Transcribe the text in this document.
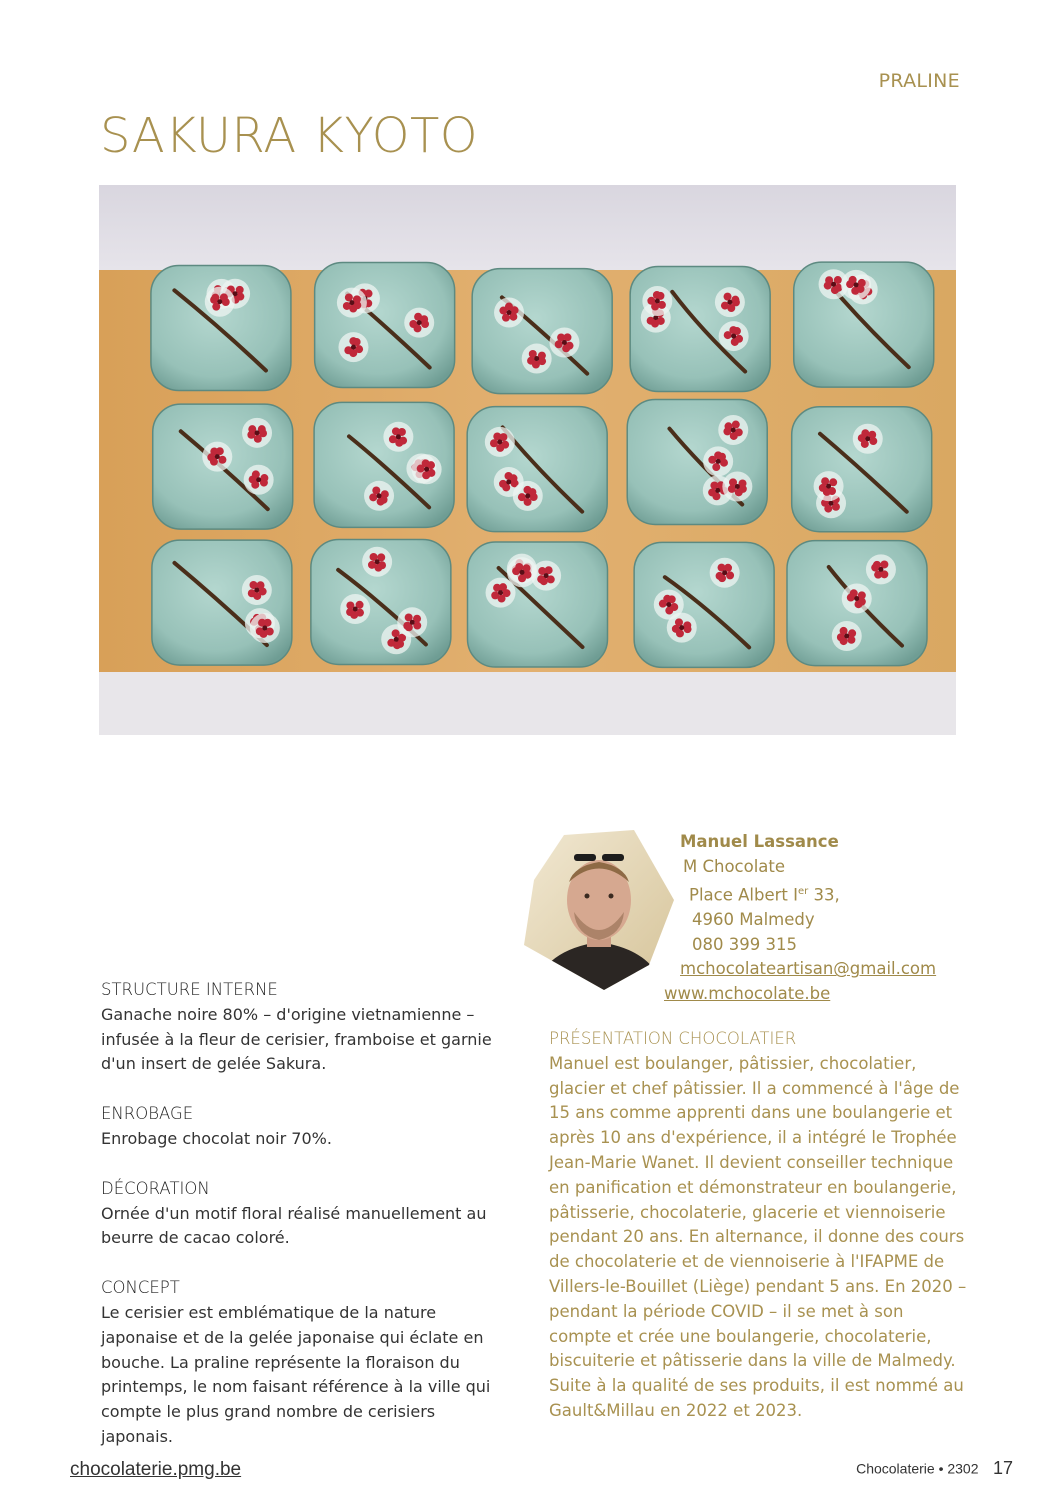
PRALINE
SAKURA KYOTO
STRUCTURE INTERNE

Ganache noire 80% – d'origine vietnamienne – infusée à la fleur de cerisier, framboise et garnie d'un insert de gelée Sakura.

ENROBAGE

Enrobage chocolat noir 70%.

DÉCORATION

Ornée d'un motif floral réalisé manuellement au beurre de cacao coloré.

CONCEPT

Le cerisier est emblématique de la nature japonaise et de la gelée japonaise qui éclate en bouche. La praline représente la floraison du printemps, le nom faisant référence à la ville qui compte le plus grand nombre de cerisiers japonais.

Manuel Lassance
M Chocolate
Place Albert Ier 33,
4960 Malmedy
080 399 315
mchocolateartisan@gmail.com
www.mchocolate.be
PRÉSENTATION CHOCOLATIER

Manuel est boulanger, pâtissier, chocolatier, glacier et chef pâtissier. Il a commencé à l'âge de 15 ans comme apprenti dans une boulangerie et après 10 ans d'expérience, il a intégré le Trophée Jean-Marie Wanet. Il devient conseiller technique en panification et démonstrateur en boulangerie, pâtisserie, chocolaterie, glacerie et viennoiserie pendant 20 ans. En alternance, il donne des cours de chocolaterie et de viennoiserie à l'IFAPME de Villers-le-Bouillet (Liège) pendant 5 ans. En 2020 – pendant la période COVID – il se met à son compte et crée une boulangerie, chocolaterie, biscuiterie et pâtisserie dans la ville de Malmedy. Suite à la qualité de ses produits, il est nommé au Gault&Millau en 2022 et 2023.

chocolaterie.pmg.be	Chocolaterie • 2302 17
